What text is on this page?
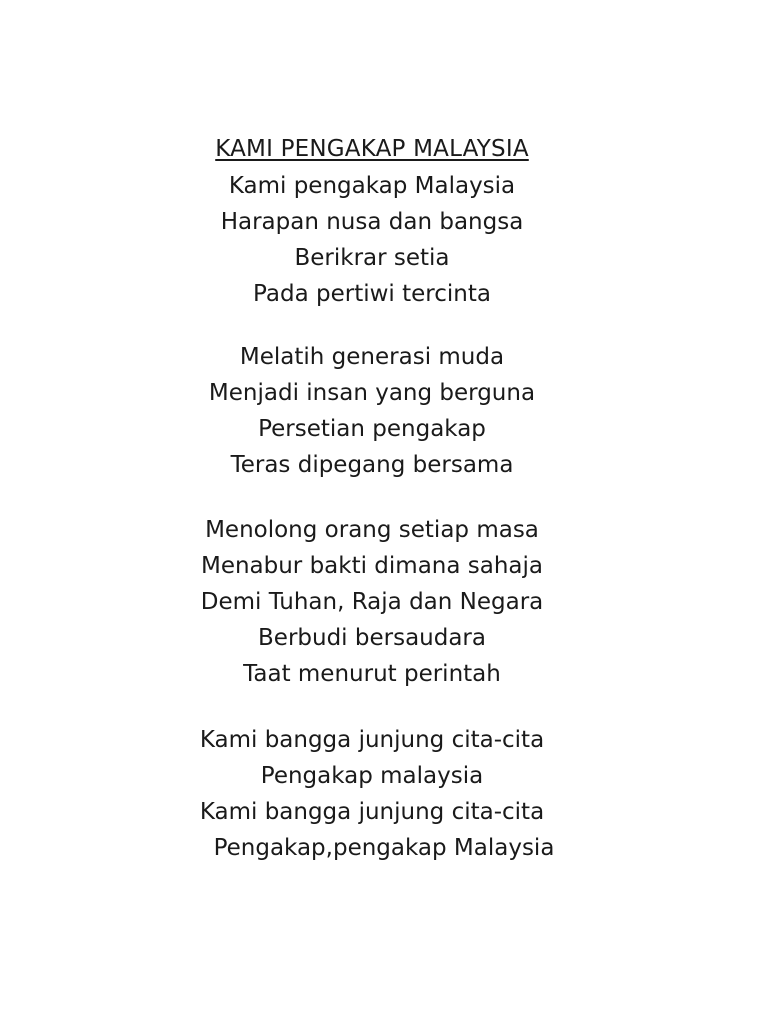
KAMI PENGAKAP MALAYSIA
Kami pengakap Malaysia
Harapan nusa dan bangsa
Berikrar setia
Pada pertiwi tercinta
Melatih generasi muda
Menjadi insan yang berguna
Persetian pengakap
Teras dipegang bersama
Menolong orang setiap masa
Menabur bakti dimana sahaja
Demi Tuhan, Raja dan Negara
Berbudi bersaudara
Taat menurut perintah
Kami bangga junjung cita-cita
Pengakap malaysia
Kami bangga junjung cita-cita
Pengakap,pengakap Malaysia
